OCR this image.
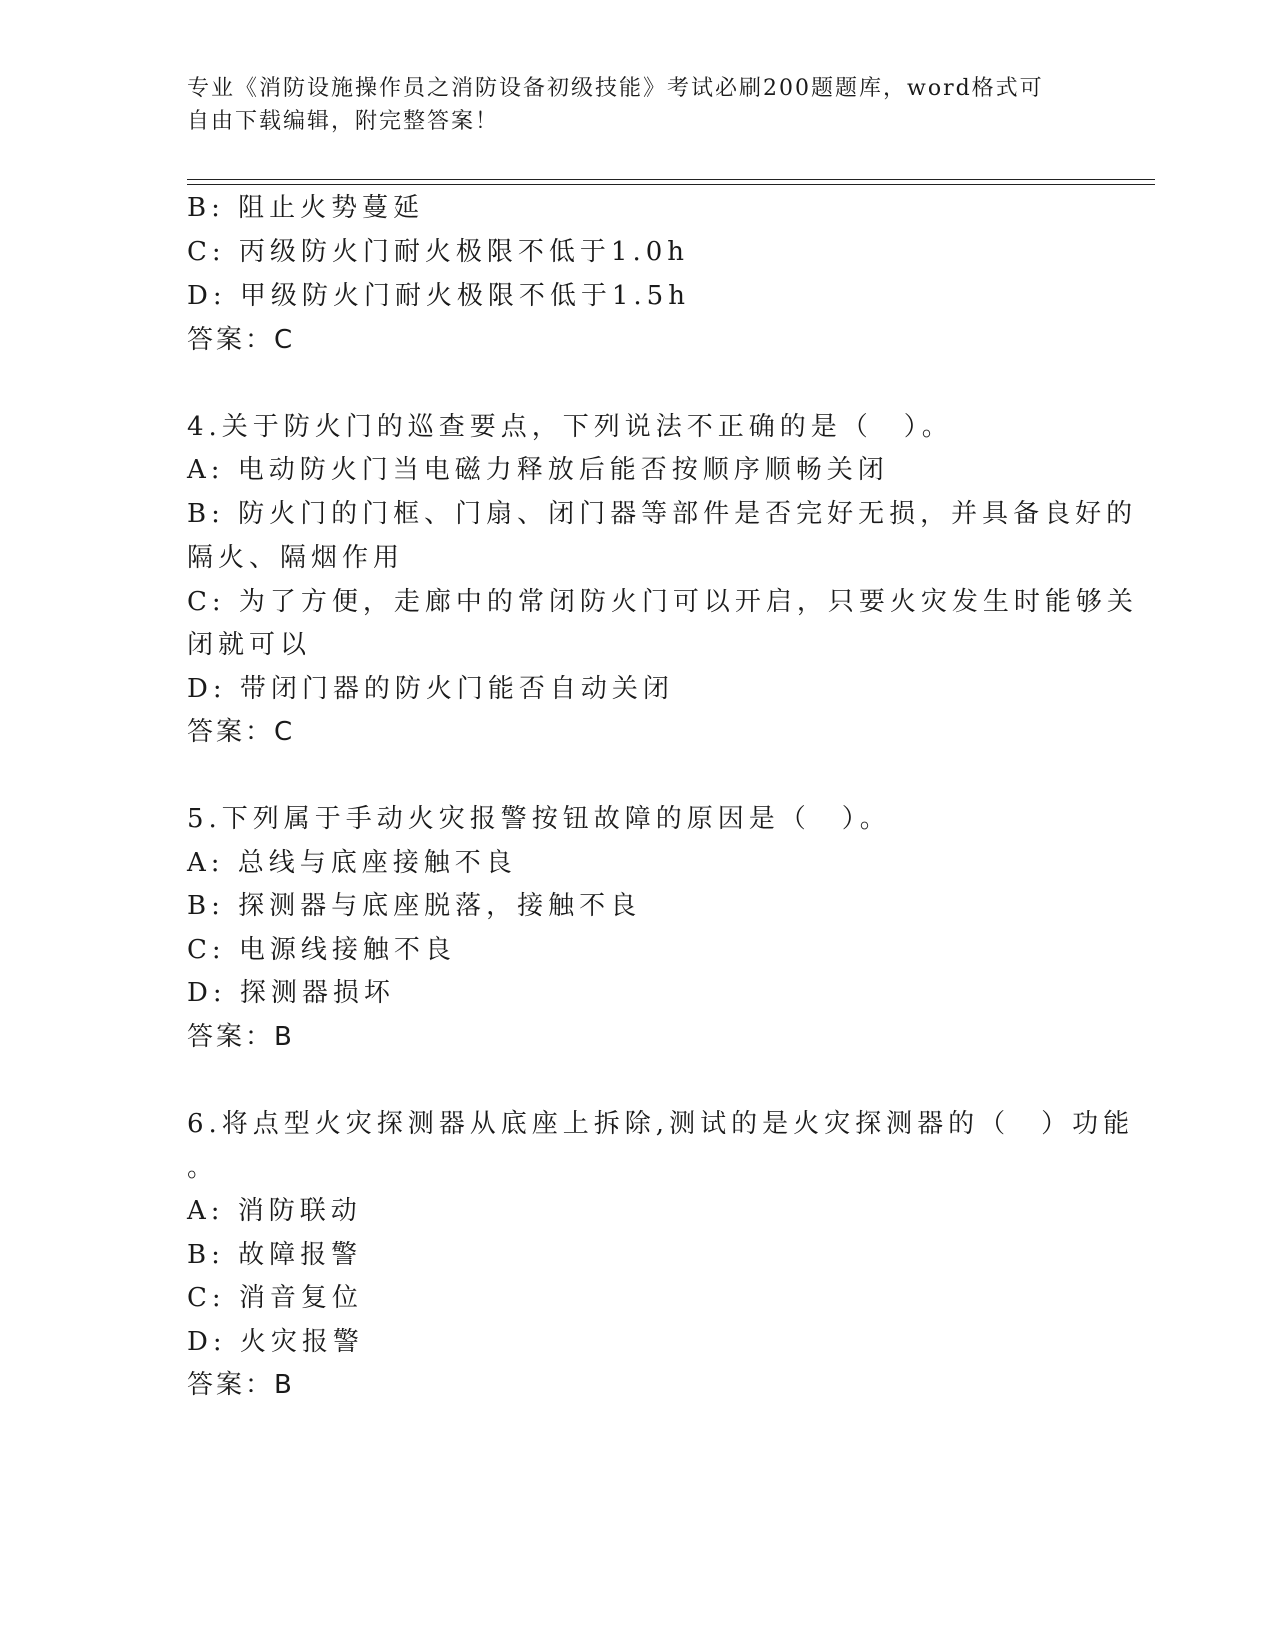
专业《消防设施操作员之消防设备初级技能》考试必刷200题题库，word格式可
自由下载编辑，附完整答案！
B: 阻止火势蔓延
C: 丙级防火门耐火极限不低于1.0h
D: 甲级防火门耐火极限不低于1.5h
答案：C
4.关于防火门的巡查要点，下列说法不正确的是（　）。
A: 电动防火门当电磁力释放后能否按顺序顺畅关闭
B: 防火门的门框、门扇、闭门器等部件是否完好无损，并具备良好的
隔火、隔烟作用
C: 为了方便，走廊中的常闭防火门可以开启，只要火灾发生时能够关
闭就可以
D: 带闭门器的防火门能否自动关闭
答案：C
5.下列属于手动火灾报警按钮故障的原因是（　）。
A: 总线与底座接触不良
B: 探测器与底座脱落，接触不良
C: 电源线接触不良
D: 探测器损坏
答案：B
6.将点型火灾探测器从底座上拆除,测试的是火灾探测器的（　）功能
。
A: 消防联动
B: 故障报警
C: 消音复位
D: 火灾报警
答案：B
